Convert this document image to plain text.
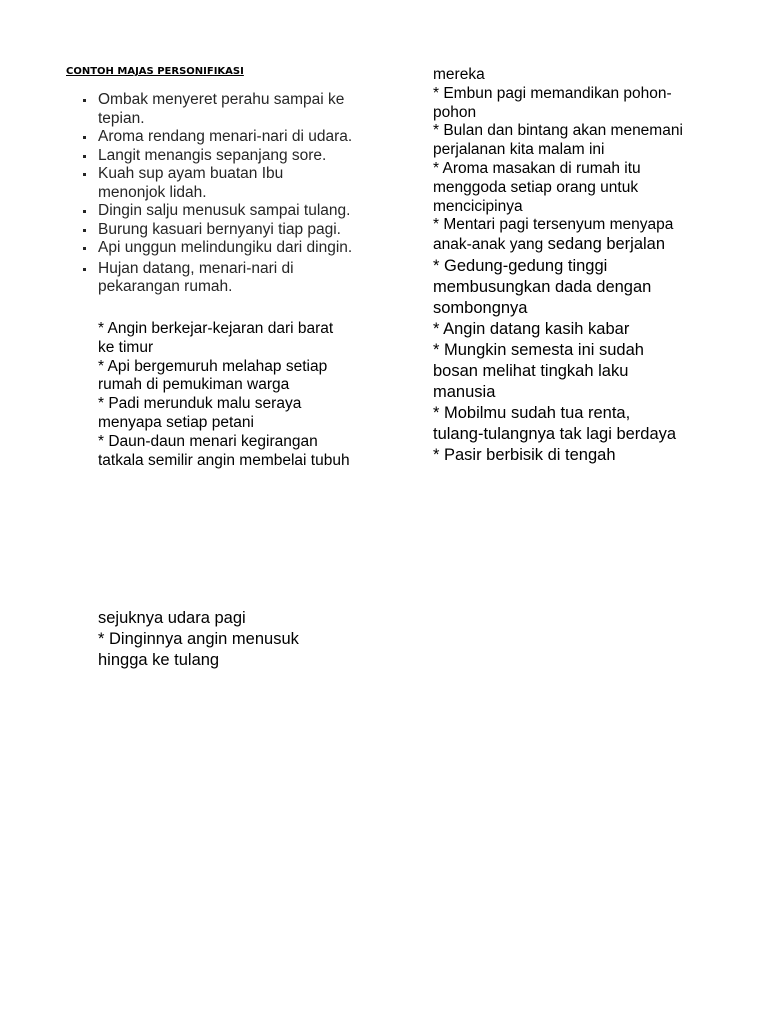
CONTOH MAJAS PERSONIFIKASI
Ombak menyeret perahu sampai ke
tepian.
Aroma rendang menari-nari di udara.
Langit menangis sepanjang sore.
Kuah sup ayam buatan Ibu
menonjok lidah.
Dingin salju menusuk sampai tulang.
Burung kasuari bernyanyi tiap pagi.
Api unggun melindungiku dari dingin.
Hujan datang, menari-nari di
pekarangan rumah.
* Angin berkejar-kejaran dari barat
ke timur
* Api bergemuruh melahap setiap
rumah di pemukiman warga
* Padi merunduk malu seraya
menyapa setiap petani
* Daun-daun menari kegirangan
tatkala semilir angin membelai tubuh
sejuknya udara pagi
* Dinginnya angin menusuk
hingga ke tulang
mereka
* Embun pagi memandikan pohon-
pohon
* Bulan dan bintang akan menemani
perjalanan kita malam ini
* Aroma masakan di rumah itu
menggoda setiap orang untuk
mencicipinya
* Mentari pagi tersenyum menyapa
anak-anak yang sedang berjalan
* Gedung-gedung tinggi
membusungkan dada dengan
sombongnya
* Angin datang kasih kabar
* Mungkin semesta ini sudah
bosan melihat tingkah laku
manusia
* Mobilmu sudah tua renta,
tulang-tulangnya tak lagi berdaya
* Pasir berbisik di tengah
